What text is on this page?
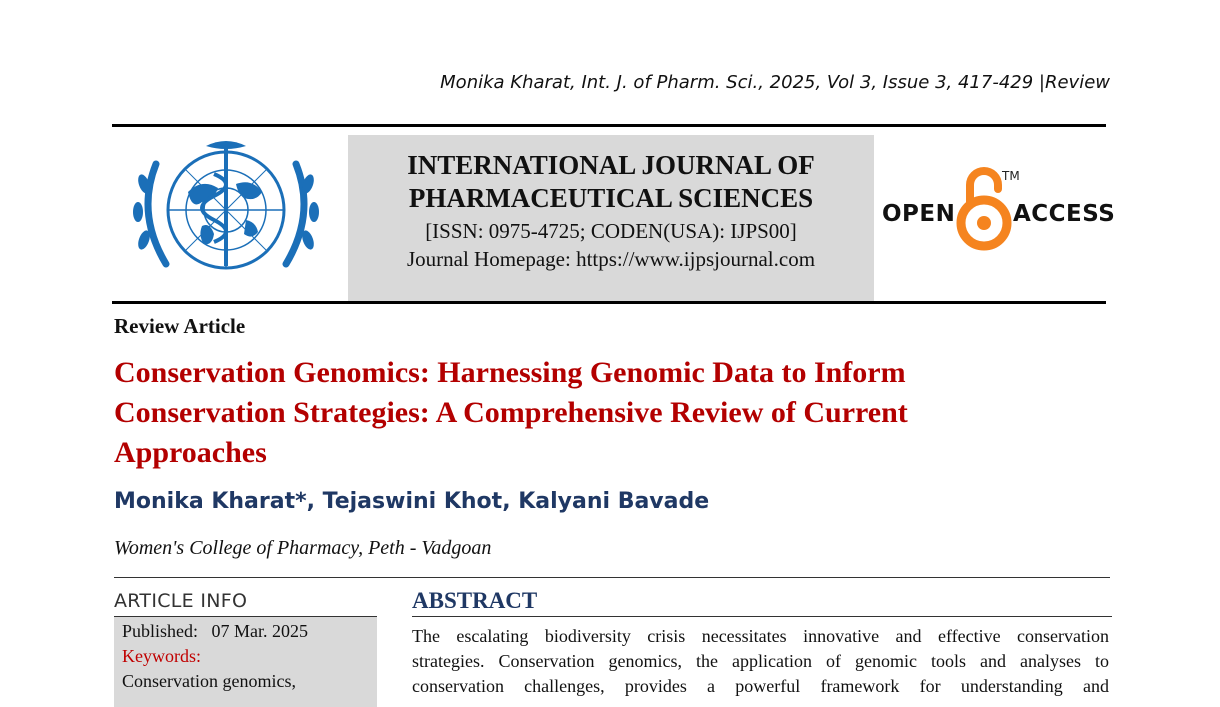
Monika Kharat, Int. J. of Pharm. Sci., 2025, Vol 3, Issue 3, 417-429 |Review
INTERNATIONAL JOURNAL OF
PHARMACEUTICAL SCIENCES
[ISSN: 0975-4725; CODEN(USA): IJPS00]
Journal Homepage: https://www.ijpsjournal.com
OPEN
TM
ACCESS
Review Article
Conservation Genomics: Harnessing Genomic Data to Inform
Conservation Strategies: A Comprehensive Review of Current
Approaches
Monika Kharat*, Tejaswini Khot, Kalyani Bavade
Women's College of Pharmacy, Peth - Vadgoan
ARTICLE INFO
Published: 07 Mar. 2025
Keywords:
Conservation genomics,
ABSTRACT
The escalating biodiversity crisis necessitates innovative and effective conservation
strategies. Conservation genomics, the application of genomic tools and analyses to
conservation challenges, provides a powerful framework for understanding and
